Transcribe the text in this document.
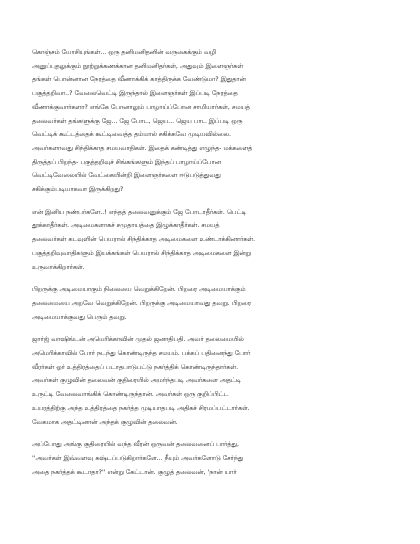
கொஞ்சம் யோசியுங்கள்... ஒரு தனிமனிதனின் வருகைக்கும் வழி
அனுப்புதலுக்கும் நூற்றுக்கணக்கான தனிமனிதர்கள், அதுவும் இளைஞர்கள்
தங்கள் பொன்னான நேரத்தை வீணாக்கிக் காத்திருக்க வேண்டுமா? இதுதான்
பகுத்தறிவா..? வேலைவெட்டி இருந்தால் இளைஞர்கள் இப்படி நேரத்தை
வீணாக்குவார்களா? எங்கே போனாலும் பாழாய்ப்போன சாமியார்கள், சமயத்
தலைவர்கள் தங்களுக்கு ஜே... ஜே போட, ஜெய... ஜெய பாட இப்படி ஒரு
வெட்டிக் கூட்டத்தைக் கூட்டிவைத்த தம்மால் சகிக்கவே முடியவில்லை.
அவர்களாவது சிந்திக்காத சமயவாதிகள். இதைக் கண்டித்து எழுந்த- மக்களைத்
திருத்தப் பிறந்த- பகுத்தறிவுச் சிங்கங்களும் இந்தப் பாழாய்ப்போன
வெட்டிவேலையில் வேட்கையின்றி இளைஞர்களை ஈடுபடுத்துவது
சகிக்கும்படியாகவா இருக்கிறது?

என் இனிய நண்பர்களே..! எந்தத் தலைவனுக்கும் ஜே போடாதீர்கள். பெட்டி
தூக்காதீர்கள். அடிமைகளாகச் சமுதாயத்தை இழுக்காதீர்கள். சமயத்
தலைவர்கள் கடவுளின் பெயரால் சிந்திக்காத அடிமைகளை உண்டாக்கினார்கள்.
பகுத்தறிவுவாதிகளும் இயக்கங்கள் பெயரால் சிந்திக்காத அடிமைகளை இன்று
உருவாக்கிறார்கள்.

பிறருக்கு அடிமையாகும் நிலையை வெறுக்கிறேன். பிறரை அடிமையாக்கும்
தலைமையை அறவே வெறுக்கிறேன். பிறருக்கு அடிமையாவது தவறு. பிறரை
அடிமையாக்குவது பெரும் தவறு.

ஜார்ஜ் வாஷிங்டன் அமெரிக்காவின் முதல் ஜனாதிபதி. அவர் தலைமையில்
அமெரிக்காவில் போர் நடந்து கொண்டிருந்த சமயம். பக்கப் பதினைந்து போர்
வீரர்கள் ஓர் உத்திரத்தைப் படாதபாடுபட்டு நகர்த்திக் கொண்டிருந்தார்கள்.
அவர்கள் குழுவின் தலைவன் குதிரையில் அமர்ந்தபடி அவர்களை அதட்டி
உருட்டி வேலைவாங்கிக் கொண்டிருந்தான். அவர்கள் ஒரு குறிப்பிட்ட
உயரத்திற்கு அந்த உத்திரத்தை நகர்த்த முடியாதபடி அதிகச் சிரமப்பட்டார்கள்.
வேகமாக அதட்டினான் அந்தக் குழுவின் தலைவன்.

அப்போது அங்கு குதிரையில் வந்த வீரன் ஒருவன் தலைவனைப் பார்த்து,
''அவர்கள் இவ்வளவு கஷ்டப்படுகிறார்களே... நீயும் அவர்களோடு சேர்ந்து
அதை நகர்த்தக் கூடாதா?'' என்று கேட்டான். குழுத் தலைவன், 'நான் யார்
